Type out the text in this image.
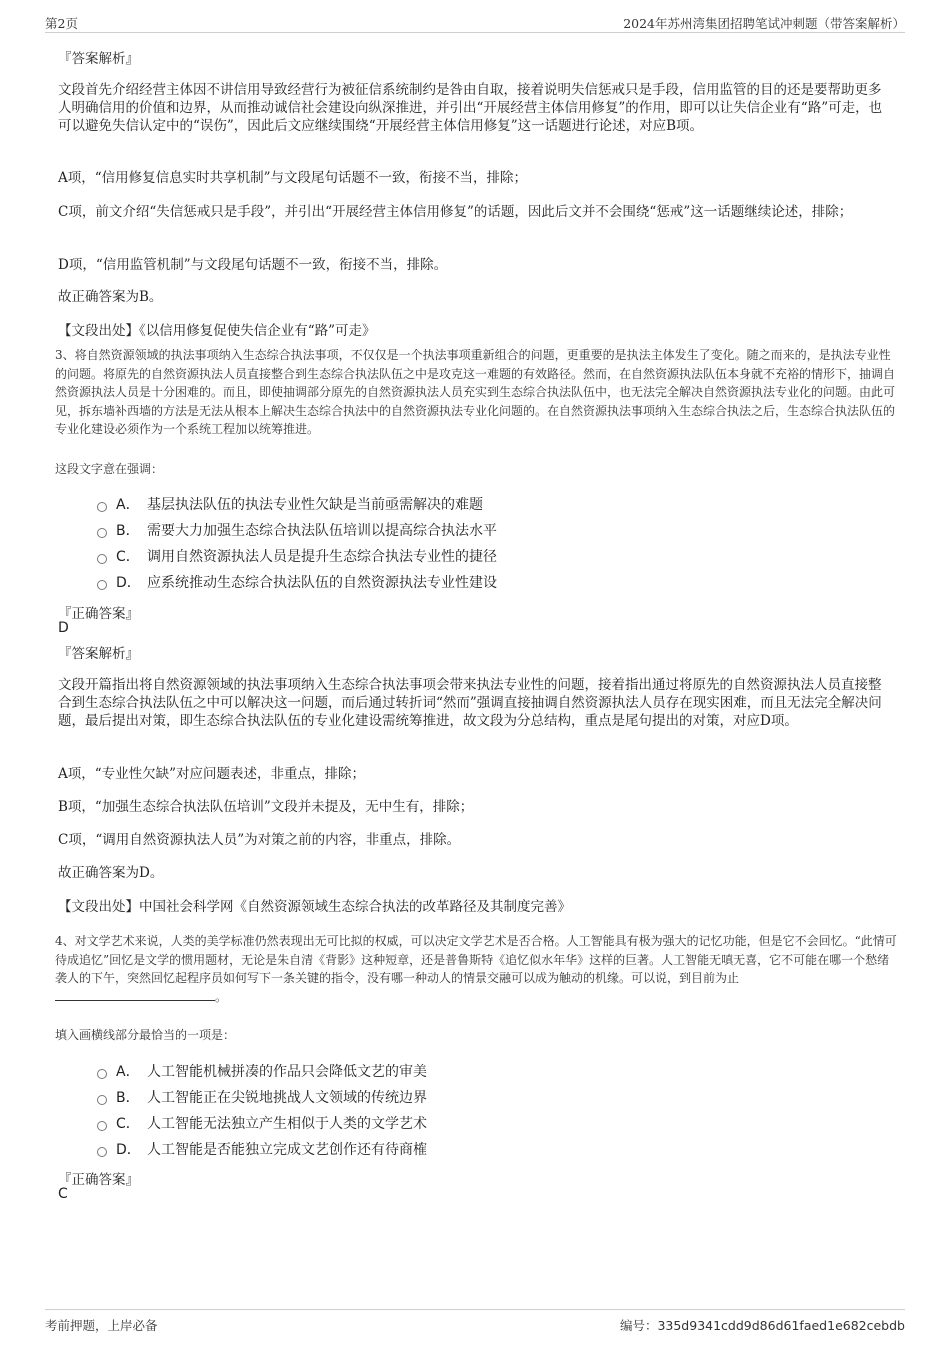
第2页	2024年苏州湾集团招聘笔试冲刺题（带答案解析）
『答案解析』
文段首先介绍经营主体因不讲信用导致经营行为被征信系统制约是咎由自取，接着说明失信惩戒只是手段，信用监管的目的还是要帮助更多人明确信用的价值和边界，从而推动诚信社会建设向纵深推进，并引出“开展经营主体信用修复”的作用，即可以让失信企业有“路”可走，也可以避免失信认定中的“误伤”，因此后文应继续围绕“开展经营主体信用修复”这一话题进行论述，对应B项。
A项，“信用修复信息实时共享机制”与文段尾句话题不一致，衔接不当，排除；
C项，前文介绍“失信惩戒只是手段”，并引出“开展经营主体信用修复”的话题，因此后文并不会围绕“惩戒”这一话题继续论述，排除；
D项，“信用监管机制”与文段尾句话题不一致，衔接不当，排除。
故正确答案为B。
【文段出处】《以信用修复促使失信企业有“路”可走》
3、将自然资源领域的执法事项纳入生态综合执法事项，不仅仅是一个执法事项重新组合的问题，更重要的是执法主体发生了变化。随之而来的，是执法专业性的问题。将原先的自然资源执法人员直接整合到生态综合执法队伍之中是攻克这一难题的有效路径。然而，在自然资源执法队伍本身就不充裕的情形下，抽调自然资源执法人员是十分困难的。而且，即使抽调部分原先的自然资源执法人员充实到生态综合执法队伍中，也无法完全解决自然资源执法专业化的问题。由此可见，拆东墙补西墙的方法是无法从根本上解决生态综合执法中的自然资源执法专业化问题的。在自然资源执法事项纳入生态综合执法之后，生态综合执法队伍的专业化建设必须作为一个系统工程加以统筹推进。
这段文字意在强调：
A． 基层执法队伍的执法专业性欠缺是当前亟需解决的难题
B． 需要大力加强生态综合执法队伍培训以提高综合执法水平
C． 调用自然资源执法人员是提升生态综合执法专业性的捷径
D． 应系统推动生态综合执法队伍的自然资源执法专业性建设
『正确答案』
D
『答案解析』
文段开篇指出将自然资源领域的执法事项纳入生态综合执法事项会带来执法专业性的问题，接着指出通过将原先的自然资源执法人员直接整合到生态综合执法队伍之中可以解决这一问题，而后通过转折词“然而”强调直接抽调自然资源执法人员存在现实困难，而且无法完全解决问题，最后提出对策，即生态综合执法队伍的专业化建设需统筹推进，故文段为分总结构，重点是尾句提出的对策，对应D项。
A项，“专业性欠缺”对应问题表述，非重点，排除；
B项，“加强生态综合执法队伍培训”文段并未提及，无中生有，排除；
C项，“调用自然资源执法人员”为对策之前的内容，非重点，排除。
故正确答案为D。
【文段出处】中国社会科学网《自然资源领域生态综合执法的改革路径及其制度完善》
4、对文学艺术来说，人类的美学标准仍然表现出无可比拟的权威，可以决定文学艺术是否合格。人工智能具有极为强大的记忆功能，但是它不会回忆。“此情可待成追忆”回忆是文学的惯用题材，无论是朱自清《背影》这种短章，还是普鲁斯特《追忆似水年华》这样的巨著。人工智能无嗔无喜，它不可能在哪一个愁绪袭人的下午，突然回忆起程序员如何写下一条关键的指令，没有哪一种动人的情景交融可以成为触动的机缘。可以说，到目前为止。
填入画横线部分最恰当的一项是：
A． 人工智能机械拼凑的作品只会降低文艺的审美
B． 人工智能正在尖锐地挑战人文领域的传统边界
C． 人工智能无法独立产生相似于人类的文学艺术
D． 人工智能是否能独立完成文艺创作还有待商榷
『正确答案』
C
考前押题，上岸必备	编号：335d9341cdd9d86d61faed1e682cebdb
